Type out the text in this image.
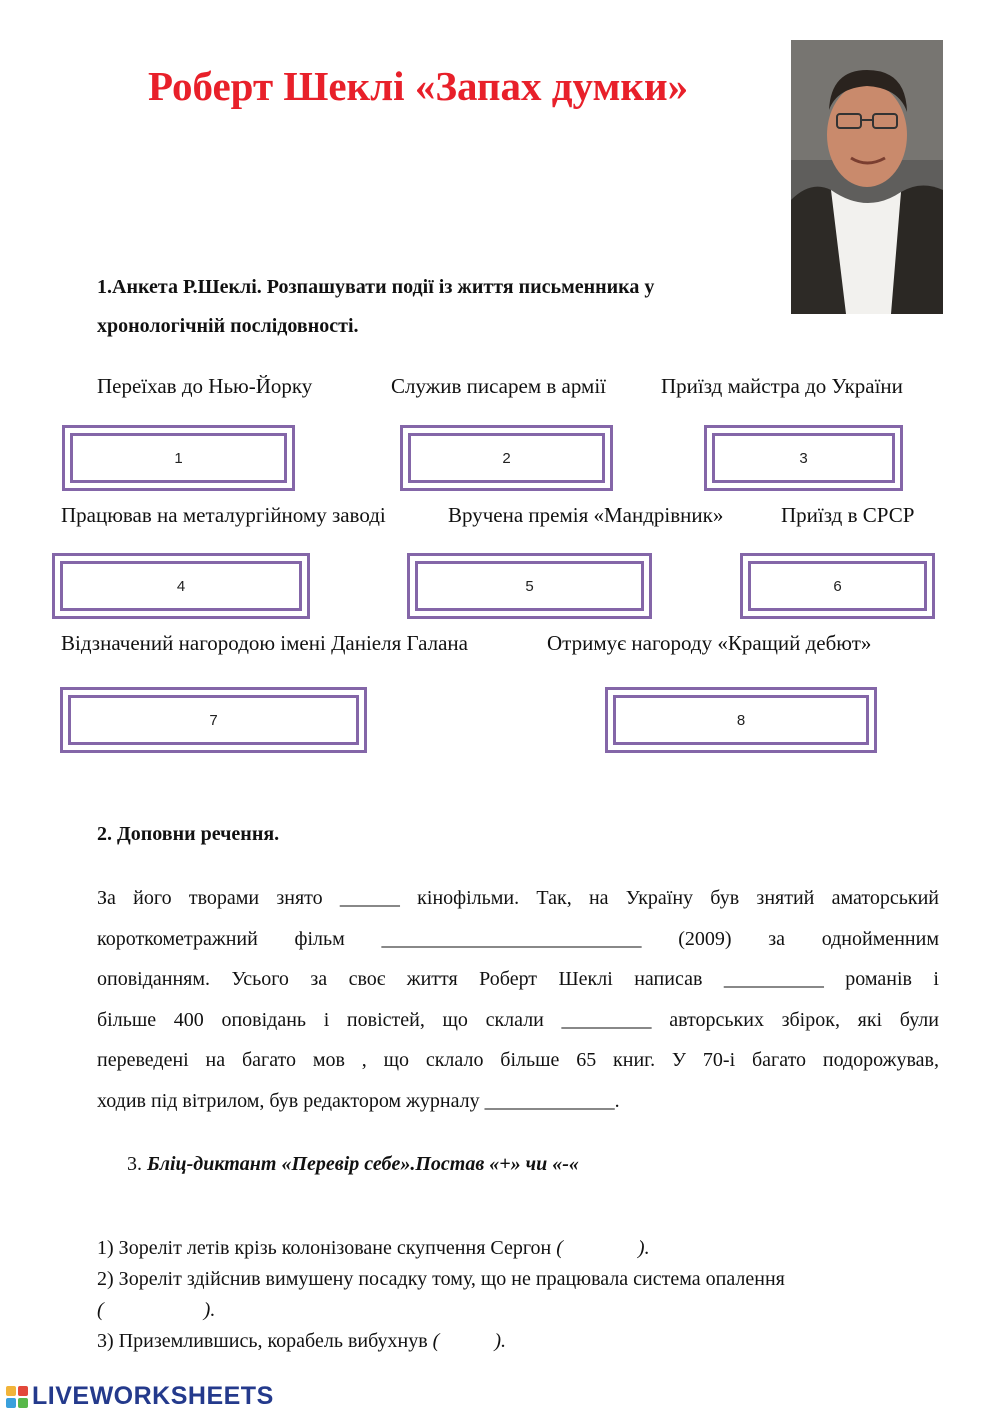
Роберт Шеклі «Запах думки»
1.Анкета Р.Шеклі. Розпашувати події із життя письменника у
хронологічній послідовності.
Переїхав до Нью-Йорку	Служив писарем в армії	Приїзд майстра до України
1	2	3
Працював на металургійному заводі	Вручена премія «Мандрівник»	Приїзд в СРСР
4	5	6
Відзначений нагородою імені Даніеля Галана	Отримує нагороду «Кращий дебют»
7	8
2. Доповни речення.
За його творами знято ______ кінофільми. Так, на Україну був знятий аматорський
короткометражний фільм __________________________ (2009) за однойменним
оповіданням. Усього за своє життя Роберт Шеклі написав __________ романів і
більше 400 оповідань і повістей, що склали _________ авторських збірок, які були
переведені на багато мов , що склало більше 65 книг. У 70-і багато подорожував,
ходив під вітрилом, був редактором журналу _____________.
3. Бліц-диктант «Перевір себе».Постав «+» чи «-«
1) Зореліт летів крізь колонізоване скупчення Сергон (               ).
2) Зореліт здійснив вимушену посадку тому, що не працювала система опалення
(                    ).
3) Приземлившись, корабель вибухнув (           ).
LIVEWORKSHEETS
